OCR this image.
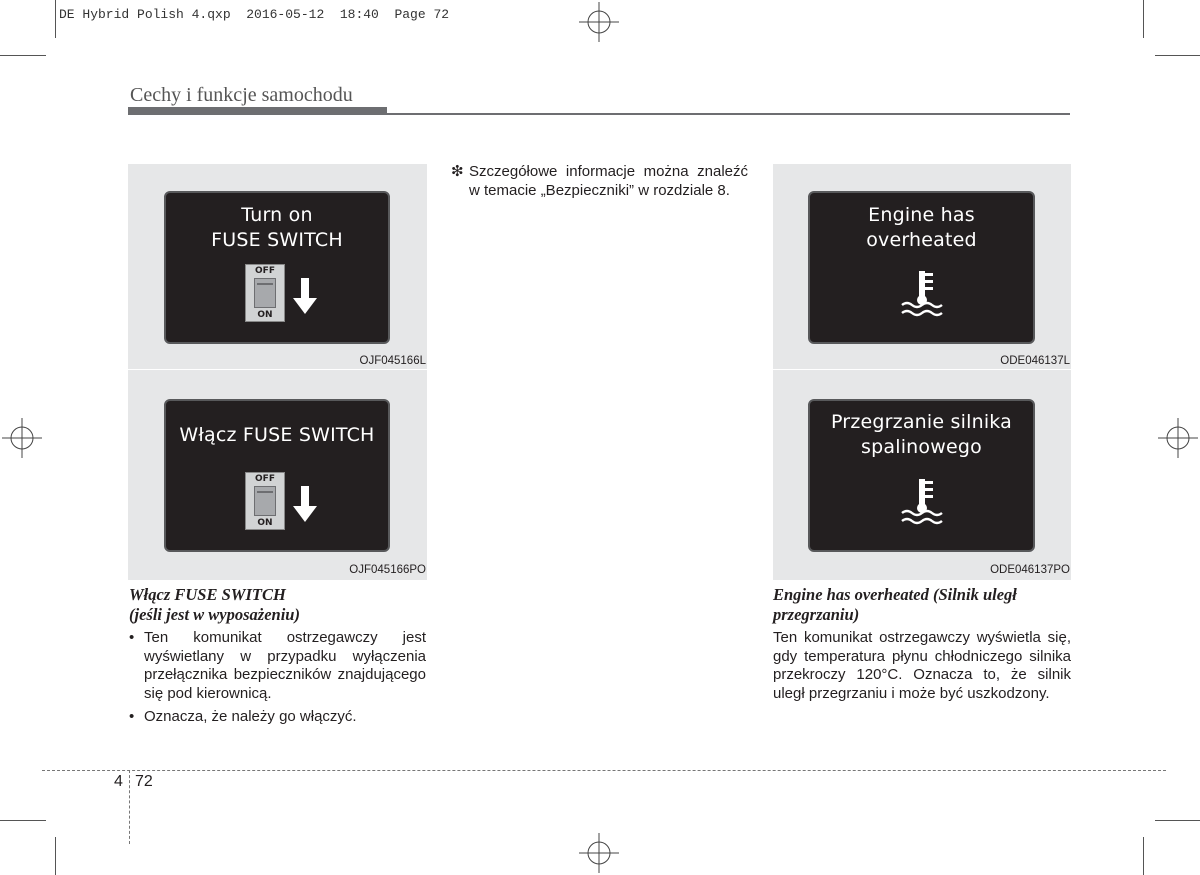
DE Hybrid Polish 4.qxp  2016-05-12  18:40  Page 72
Cechy i funkcje samochodu
Turn on
FUSE SWITCH
OFF
ON
OJF045166L
Włącz FUSE SWITCH
OFF
ON
OJF045166PO
Engine has
overheated
ODE046137L
Przegrzanie silnika
spalinowego
ODE046137PO
❇ Szczegółowe informacje można znaleźć w temacie „Bezpieczniki” w rozdziale 8.
Włącz FUSE SWITCH
(jeśli jest w wyposażeniu)
• Ten komunikat ostrzegawczy jest wyświetlany w przypadku wyłączenia przełącznika bezpieczników znajdującego się pod kierownicą.
• Oznacza, że należy go włączyć.
Engine has overheated (Silnik uległ
przegrzaniu)
Ten komunikat ostrzegawczy wyświetla się, gdy temperatura płynu chłodniczego silnika przekroczy 120°C. Oznacza to, że silnik uległ przegrzaniu i może być uszkodzony.
4 72
